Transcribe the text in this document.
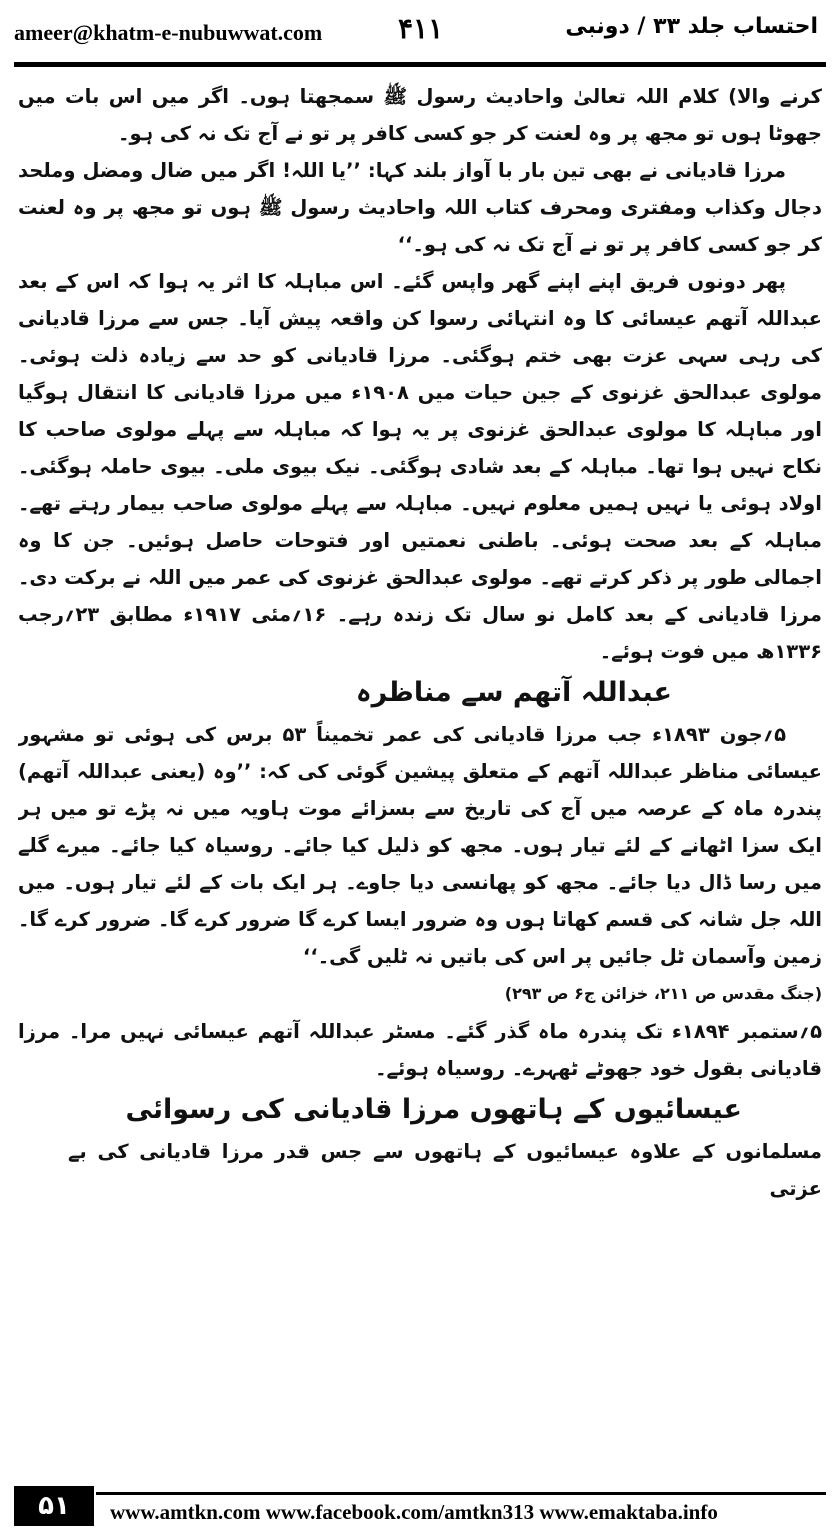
ameer@khatm-e-nubuwwat.com	۴۱۱	احتساب جلد ۳۳ / دونبی

کرنے والا) کلام اللہ تعالیٰ واحادیث رسول ﷺ سمجھتا ہوں۔ اگر میں اس بات میں جھوٹا ہوں تو مجھ پر وہ لعنت کر جو کسی کافر پر تو نے آج تک نہ کی ہو۔

مرزا قادیانی نے بھی تین بار با آواز بلند کہا: ’’یا اللہ! اگر میں ضال ومضل وملحد دجال وکذاب ومفتری ومحرف کتاب اللہ واحادیث رسول ﷺ ہوں تو مجھ پر وہ لعنت کر جو کسی کافر پر تو نے آج تک نہ کی ہو۔‘‘

پھر دونوں فریق اپنے اپنے گھر واپس گئے۔ اس مباہلہ کا اثر یہ ہوا کہ اس کے بعد عبداللہ آتھم عیسائی کا وہ انتہائی رسوا کن واقعہ پیش آیا۔ جس سے مرزا قادیانی کی رہی سہی عزت بھی ختم ہوگئی۔ مرزا قادیانی کو حد سے زیادہ ذلت ہوئی۔ مولوی عبدالحق غزنوی کے جین حیات میں ۱۹۰۸ء میں مرزا قادیانی کا انتقال ہوگیا اور مباہلہ کا مولوی عبدالحق غزنوی پر یہ ہوا کہ مباہلہ سے پہلے مولوی صاحب کا نکاح نہیں ہوا تھا۔ مباہلہ کے بعد شادی ہوگئی۔ نیک بیوی ملی۔ بیوی حاملہ ہوگئی۔ اولاد ہوئی یا نہیں ہمیں معلوم نہیں۔ مباہلہ سے پہلے مولوی صاحب بیمار رہتے تھے۔ مباہلہ کے بعد صحت ہوئی۔ باطنی نعمتیں اور فتوحات حاصل ہوئیں۔ جن کا وہ اجمالی طور پر ذکر کرتے تھے۔ مولوی عبدالحق غزنوی کی عمر میں اللہ نے برکت دی۔ مرزا قادیانی کے بعد کامل نو سال تک زندہ رہے۔ ۱۶؍مئی ۱۹۱۷ء مطابق ۲۳؍رجب ۱۳۳۶ھ میں فوت ہوئے۔

عبداللہ آتھم سے مناظرہ

۵؍جون ۱۸۹۳ء جب مرزا قادیانی کی عمر تخمیناً ۵۳ برس کی ہوئی تو مشہور عیسائی مناظر عبداللہ آتھم کے متعلق پیشین گوئی کی کہ: ’’وہ (یعنی عبداللہ آتھم) پندرہ ماہ کے عرصہ میں آج کی تاریخ سے بسزائے موت ہاویہ میں نہ پڑے تو میں ہر ایک سزا اٹھانے کے لئے تیار ہوں۔ مجھ کو ذلیل کیا جائے۔ روسیاہ کیا جائے۔ میرے گلے میں رسا ڈال دیا جائے۔ مجھ کو پھانسی دیا جاوے۔ ہر ایک بات کے لئے تیار ہوں۔ میں اللہ جل شانہ کی قسم کھاتا ہوں وہ ضرور ایسا کرے گا ضرور کرے گا۔ ضرور کرے گا۔ زمین وآسمان ٹل جائیں پر اس کی باتیں نہ ٹلیں گی۔‘‘

(جنگ مقدس ص ۲۱۱، خزائن ج۶ ص ۲۹۳)

۵؍ستمبر ۱۸۹۴ء تک پندرہ ماہ گذر گئے۔ مسٹر عبداللہ آتھم عیسائی نہیں مرا۔ مرزا قادیانی بقول خود جھوٹے ٹھہرے۔ روسیاہ ہوئے۔

عیسائیوں کے ہاتھوں مرزا قادیانی کی رسوائی

مسلمانوں کے علاوہ عیسائیوں کے ہاتھوں سے جس قدر مرزا قادیانی کی بے عزتی

۵۱	www.amtkn.com www.facebook.com/amtkn313 www.emaktaba.info
